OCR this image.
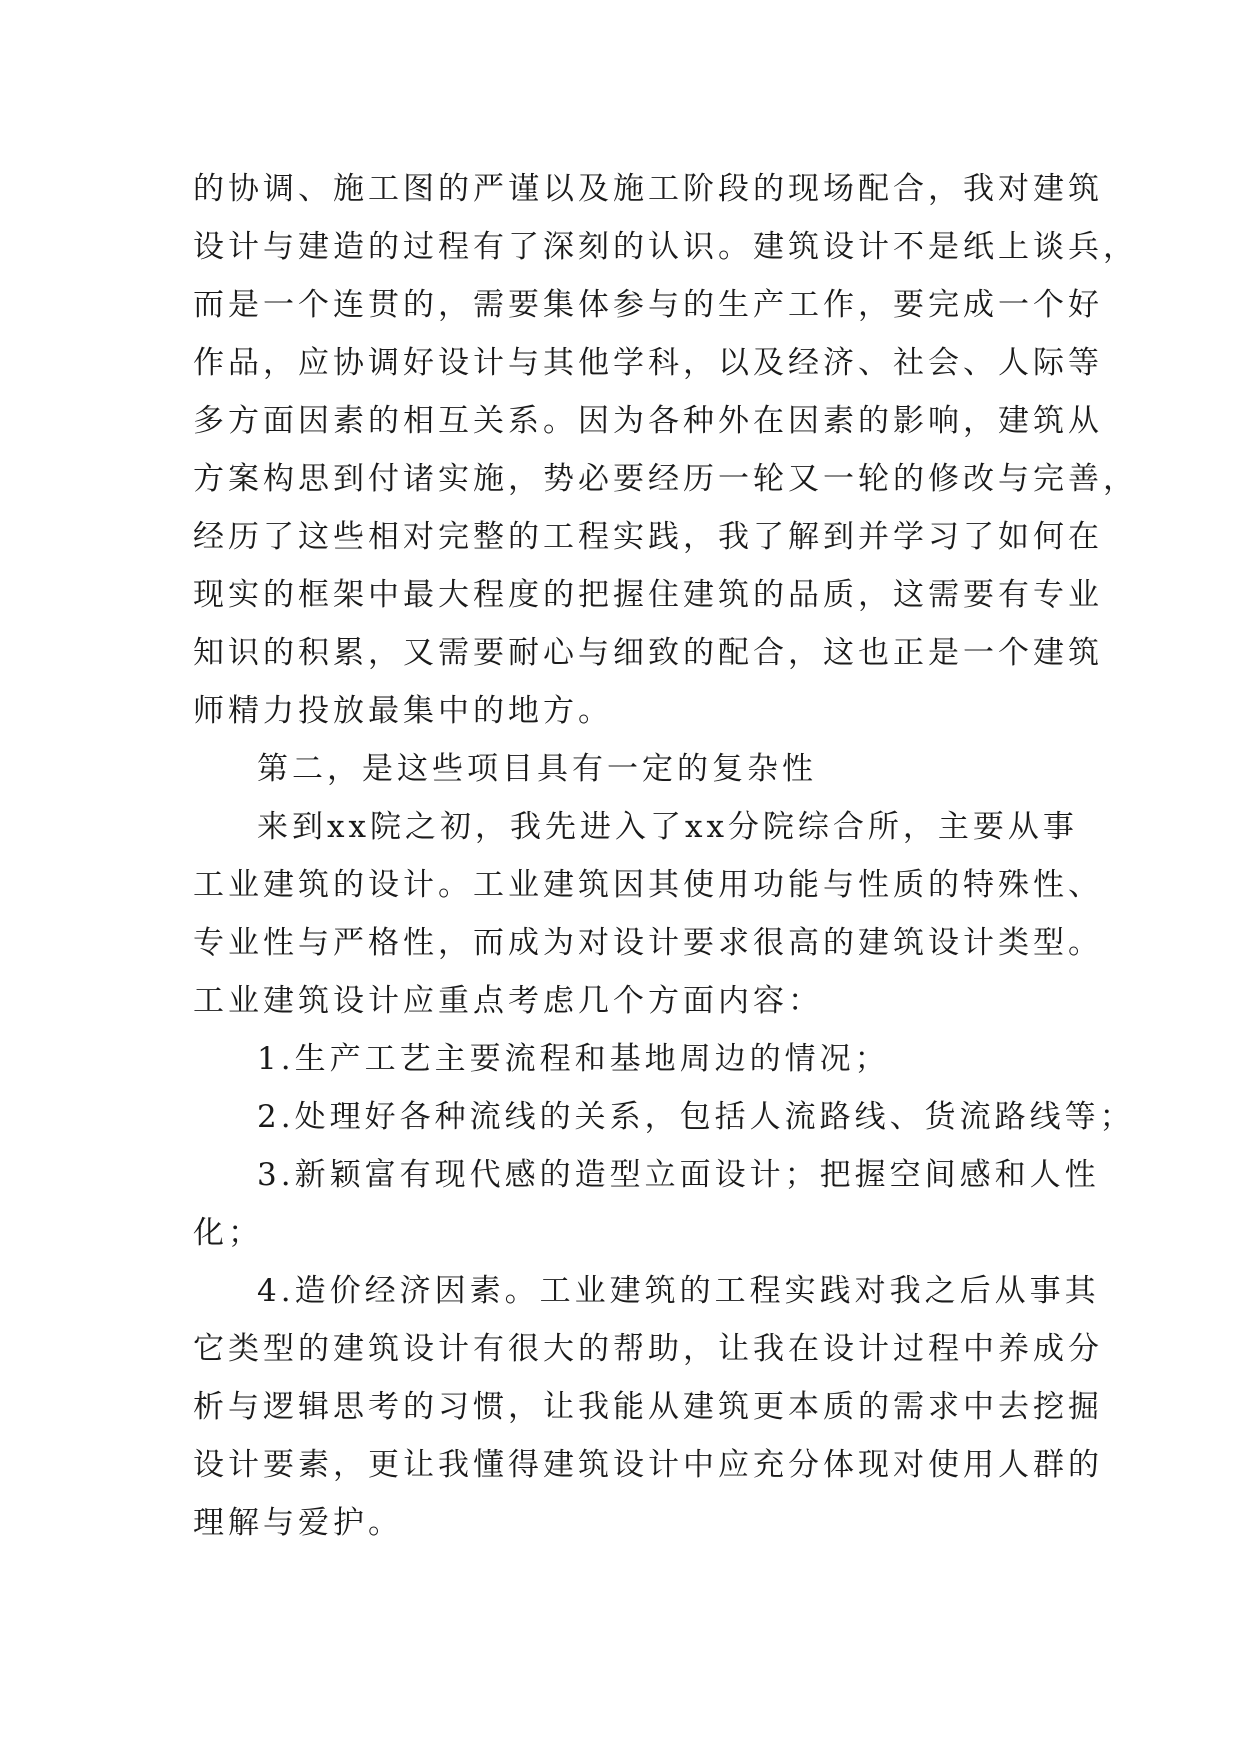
的协调、施工图的严谨以及施工阶段的现场配合，我对建筑
设计与建造的过程有了深刻的认识。建筑设计不是纸上谈兵，
而是一个连贯的，需要集体参与的生产工作，要完成一个好
作品，应协调好设计与其他学科，以及经济、社会、人际等
多方面因素的相互关系。因为各种外在因素的影响，建筑从
方案构思到付诸实施，势必要经历一轮又一轮的修改与完善，
经历了这些相对完整的工程实践，我了解到并学习了如何在
现实的框架中最大程度的把握住建筑的品质，这需要有专业
知识的积累，又需要耐心与细致的配合，这也正是一个建筑
师精力投放最集中的地方。
第二，是这些项目具有一定的复杂性
来到xx院之初，我先进入了xx分院综合所，主要从事
工业建筑的设计。工业建筑因其使用功能与性质的特殊性、
专业性与严格性，而成为对设计要求很高的建筑设计类型。
工业建筑设计应重点考虑几个方面内容：
1.生产工艺主要流程和基地周边的情况；
2.处理好各种流线的关系，包括人流路线、货流路线等；
3.新颖富有现代感的造型立面设计；把握空间感和人性
化；
4.造价经济因素。工业建筑的工程实践对我之后从事其
它类型的建筑设计有很大的帮助，让我在设计过程中养成分
析与逻辑思考的习惯，让我能从建筑更本质的需求中去挖掘
设计要素，更让我懂得建筑设计中应充分体现对使用人群的
理解与爱护。
